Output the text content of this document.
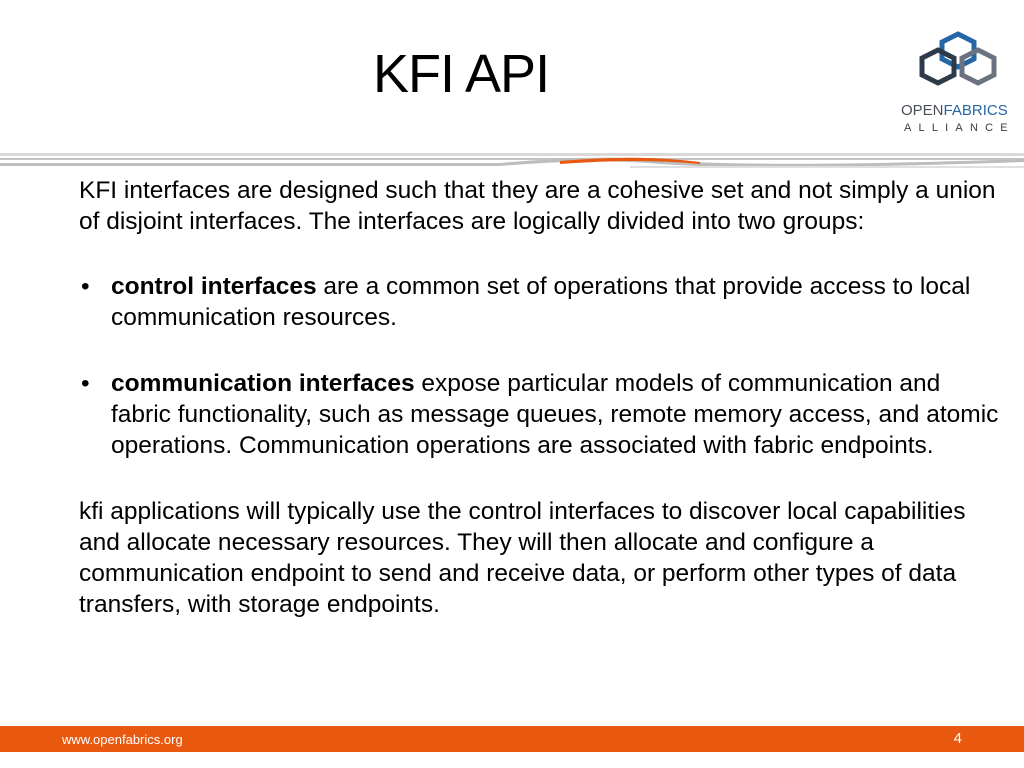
KFI API
OPENFABRICS
ALLIANCE

KFI interfaces are designed such that they are a cohesive set and not simply a union of disjoint interfaces. The interfaces are logically divided into two groups:

• control interfaces are a common set of operations that provide access to local communication resources.
• communication interfaces expose particular models of communication and fabric functionality, such as message queues, remote memory access, and atomic operations. Communication operations are associated with fabric endpoints.

kfi applications will typically use the control interfaces to discover local capabilities and allocate necessary resources. They will then allocate and configure a communication endpoint to send and receive data, or perform other types of data transfers, with storage endpoints.

www.openfabrics.org	4
